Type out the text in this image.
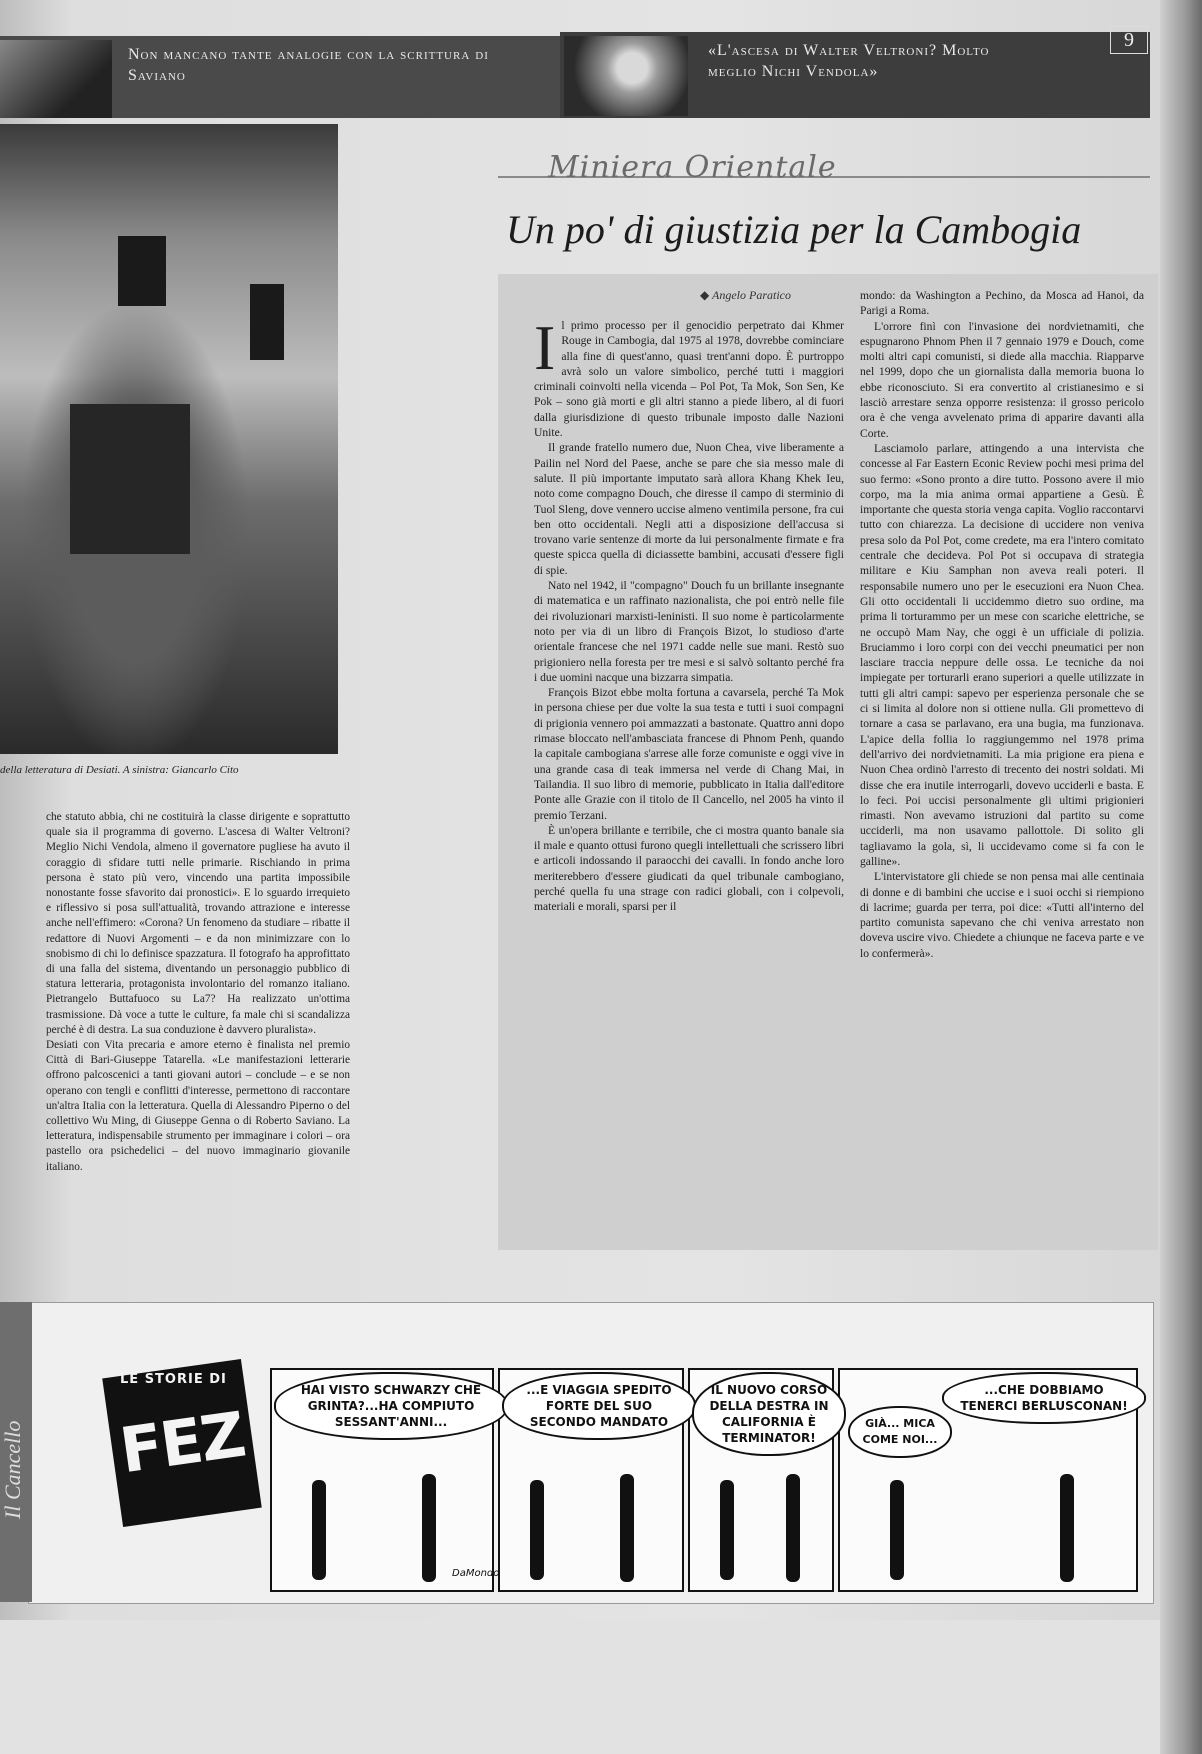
Non mancano tante analogie con la scrittura di Saviano
«L'ascesa di Walter Veltroni? Molto meglio Nichi Vendola»
9
della letteratura di Desiati. A sinistra: Giancarlo Cito

che statuto abbia, chi ne costituirà la classe dirigente e soprattutto quale sia il programma di governo. L'ascesa di Walter Veltroni? Meglio Nichi Vendola, almeno il governatore pugliese ha avuto il coraggio di sfidare tutti nelle primarie. Rischiando in prima persona è stato più vero, vincendo una partita impossibile nonostante fosse sfavorito dai pronostici». E lo sguardo irrequieto e riflessivo si posa sull'attualità, trovando attrazione e interesse anche nell'effimero: «Corona? Un fenomeno da studiare – ribatte il redattore di Nuovi Argomenti – e da non minimizzare con lo snobismo di chi lo definisce spazzatura. Il fotografo ha approfittato di una falla del sistema, diventando un personaggio pubblico di statura letteraria, protagonista involontario del romanzo italiano. Pietrangelo Buttafuoco su La7? Ha realizzato un'ottima trasmissione. Dà voce a tutte le culture, fa male chi si scandalizza perché è di destra. La sua conduzione è davvero pluralista».

Desiati con Vita precaria e amore eterno è finalista nel premio Città di Bari-Giuseppe Tatarella. «Le manifestazioni letterarie offrono palcoscenici a tanti giovani autori – conclude – e se non operano con tengli e conflitti d'interesse, permettono di raccontare un'altra Italia con la letteratura. Quella di Alessandro Piperno o del collettivo Wu Ming, di Giuseppe Genna o di Roberto Saviano. La letteratura, indispensabile strumento per immaginare i colori – ora pastello ora psichedelici – del nuovo immaginario giovanile italiano.

Miniera Orientale
Un po' di giustizia per la Cambogia
◆ Angelo Paratico

Il primo processo per il genocidio perpetrato dai Khmer Rouge in Cambogia, dal 1975 al 1978, dovrebbe cominciare alla fine di quest'anno, quasi trent'anni dopo. È purtroppo avrà solo un valore simbolico, perché tutti i maggiori criminali coinvolti nella vicenda – Pol Pot, Ta Mok, Son Sen, Ke Pok – sono già morti e gli altri stanno a piede libero, al di fuori dalla giurisdizione di questo tribunale imposto dalle Nazioni Unite.

Il grande fratello numero due, Nuon Chea, vive liberamente a Pailin nel Nord del Paese, anche se pare che sia messo male di salute. Il più importante imputato sarà allora Khang Khek Ieu, noto come compagno Douch, che diresse il campo di sterminio di Tuol Sleng, dove vennero uccise almeno ventimila persone, fra cui ben otto occidentali. Negli atti a disposizione dell'accusa si trovano varie sentenze di morte da lui personalmente firmate e fra queste spicca quella di diciassette bambini, accusati d'essere figli di spie.

Nato nel 1942, il "compagno" Douch fu un brillante insegnante di matematica e un raffinato nazionalista, che poi entrò nelle file dei rivoluzionari marxisti-leninisti. Il suo nome è particolarmente noto per via di un libro di François Bizot, lo studioso d'arte orientale francese che nel 1971 cadde nelle sue mani. Restò suo prigioniero nella foresta per tre mesi e si salvò soltanto perché fra i due uomini nacque una bizzarra simpatia.

François Bizot ebbe molta fortuna a cavarsela, perché Ta Mok in persona chiese per due volte la sua testa e tutti i suoi compagni di prigionia vennero poi ammazzati a bastonate. Quattro anni dopo rimase bloccato nell'ambasciata francese di Phnom Penh, quando la capitale cambogiana s'arrese alle forze comuniste e oggi vive in una grande casa di teak immersa nel verde di Chang Mai, in Tailandia. Il suo libro di memorie, pubblicato in Italia dall'editore Ponte alle Grazie con il titolo de Il Cancello, nel 2005 ha vinto il premio Terzani.

È un'opera brillante e terribile, che ci mostra quanto banale sia il male e quanto ottusi furono quegli intellettuali che scrissero libri e articoli indossando il paraocchi dei cavalli. In fondo anche loro meriterebbero d'essere giudicati da quel tribunale cambogiano, perché quella fu una strage con radici globali, con i colpevoli, materiali e morali, sparsi per il

mondo: da Washington a Pechino, da Mosca ad Hanoi, da Parigi a Roma.

L'orrore finì con l'invasione dei nordvietnamiti, che espugnarono Phnom Phen il 7 gennaio 1979 e Douch, come molti altri capi comunisti, si diede alla macchia. Riapparve nel 1999, dopo che un giornalista dalla memoria buona lo ebbe riconosciuto. Si era convertito al cristianesimo e si lasciò arrestare senza opporre resistenza: il grosso pericolo ora è che venga avvelenato prima di apparire davanti alla Corte.

Lasciamolo parlare, attingendo a una intervista che concesse al Far Eastern Econic Review pochi mesi prima del suo fermo: «Sono pronto a dire tutto. Possono avere il mio corpo, ma la mia anima ormai appartiene a Gesù. È importante che questa storia venga capita. Voglio raccontarvi tutto con chiarezza. La decisione di uccidere non veniva presa solo da Pol Pot, come credete, ma era l'intero comitato centrale che decideva. Pol Pot si occupava di strategia militare e Kiu Samphan non aveva reali poteri. Il responsabile numero uno per le esecuzioni era Nuon Chea. Gli otto occidentali li uccidemmo dietro suo ordine, ma prima li torturammo per un mese con scariche elettriche, se ne occupò Mam Nay, che oggi è un ufficiale di polizia. Bruciammo i loro corpi con dei vecchi pneumatici per non lasciare traccia neppure delle ossa. Le tecniche da noi impiegate per torturarli erano superiori a quelle utilizzate in tutti gli altri campi: sapevo per esperienza personale che se ci si limita al dolore non si ottiene nulla. Gli promettevo di tornare a casa se parlavano, era una bugia, ma funzionava. L'apice della follia lo raggiungemmo nel 1978 prima dell'arrivo dei nordvietnamiti. La mia prigione era piena e Nuon Chea ordinò l'arresto di trecento dei nostri soldati. Mi disse che era inutile interrogarli, dovevo ucciderli e basta. E lo feci. Poi uccisi personalmente gli ultimi prigionieri rimasti. Non avevamo istruzioni dal partito su come ucciderli, ma non usavamo pallottole. Di solito gli tagliavamo la gola, sì, li uccidevamo come si fa con le galline».

L'intervistatore gli chiede se non pensa mai alle centinaia di donne e di bambini che uccise e i suoi occhi si riempiono di lacrime; guarda per terra, poi dice: «Tutti all'interno del partito comunista sapevano che chi veniva arrestato non doveva uscire vivo. Chiedete a chiunque ne faceva parte e ve lo confermerà».

Il Cancello FEZ
LE STORIE DI
HAI VISTO SCHWARZY CHE GRINTA?...HA COMPIUTO SESSANT'ANNI...
...E VIAGGIA SPEDITO FORTE DEL SUO SECONDO MANDATO
IL NUOVO CORSO DELLA DESTRA IN CALIFORNIA È TERMINATOR!
GIÀ... MICA COME NOI...
...CHE DOBBIAMO TENERCI BERLUSCONAN!
DaMondo
